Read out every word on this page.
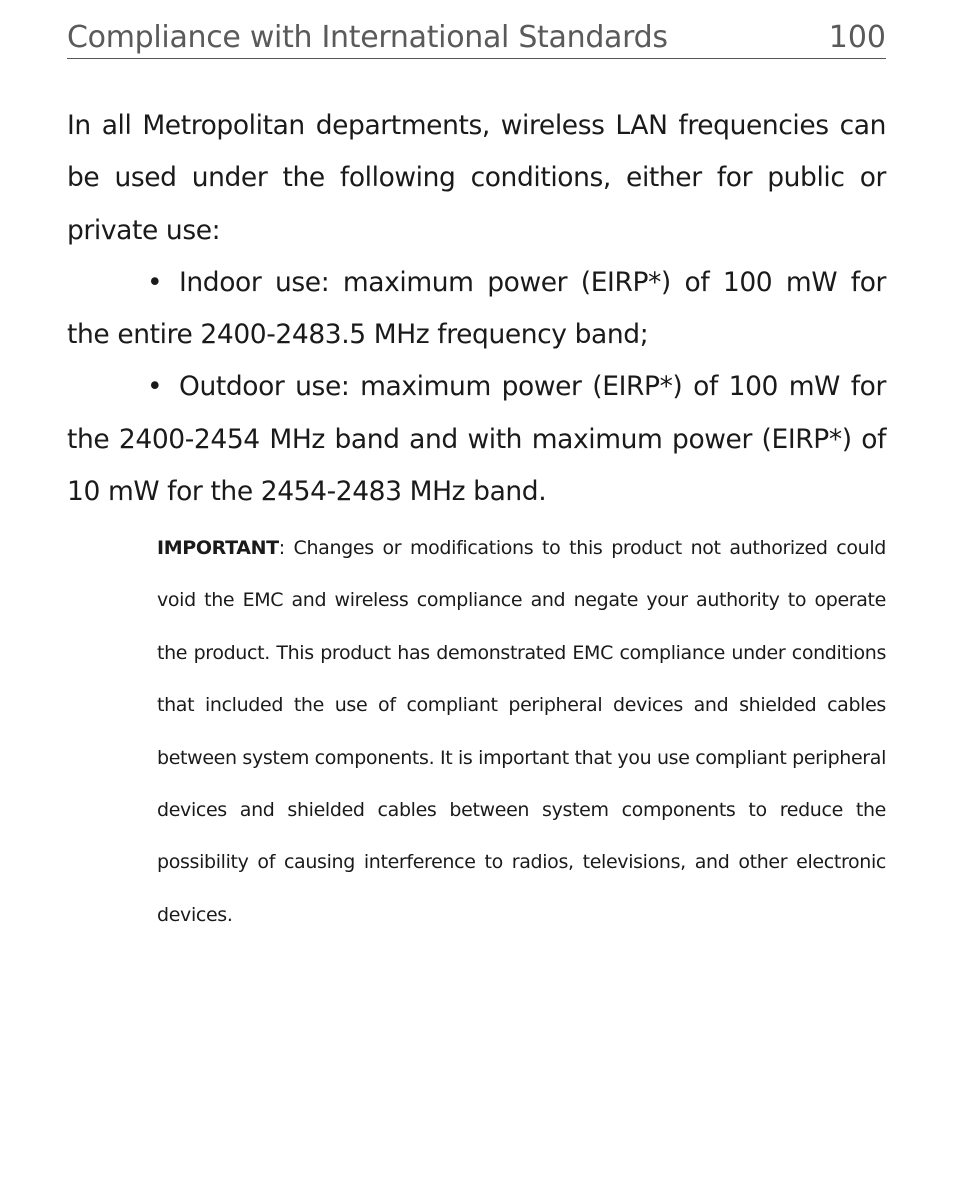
Compliance with International Standards	100

In all Metropolitan departments, wireless LAN frequencies can be used under the following conditions, either for public or private use:

• Indoor use: maximum power (EIRP*) of 100 mW for the entire 2400-2483.5 MHz frequency band;

• Outdoor use: maximum power (EIRP*) of 100 mW for the 2400-2454 MHz band and with maximum power (EIRP*) of 10 mW for the 2454-2483 MHz band.

IMPORTANT: Changes or modifications to this product not authorized could void the EMC and wireless compliance and negate your authority to operate the product. This product has demonstrated EMC compliance under conditions that included the use of compliant peripheral devices and shielded cables between system components. It is important that you use compliant peripheral devices and shielded cables between system components to reduce the possibility of causing interference to radios, televisions, and other electronic devices.
